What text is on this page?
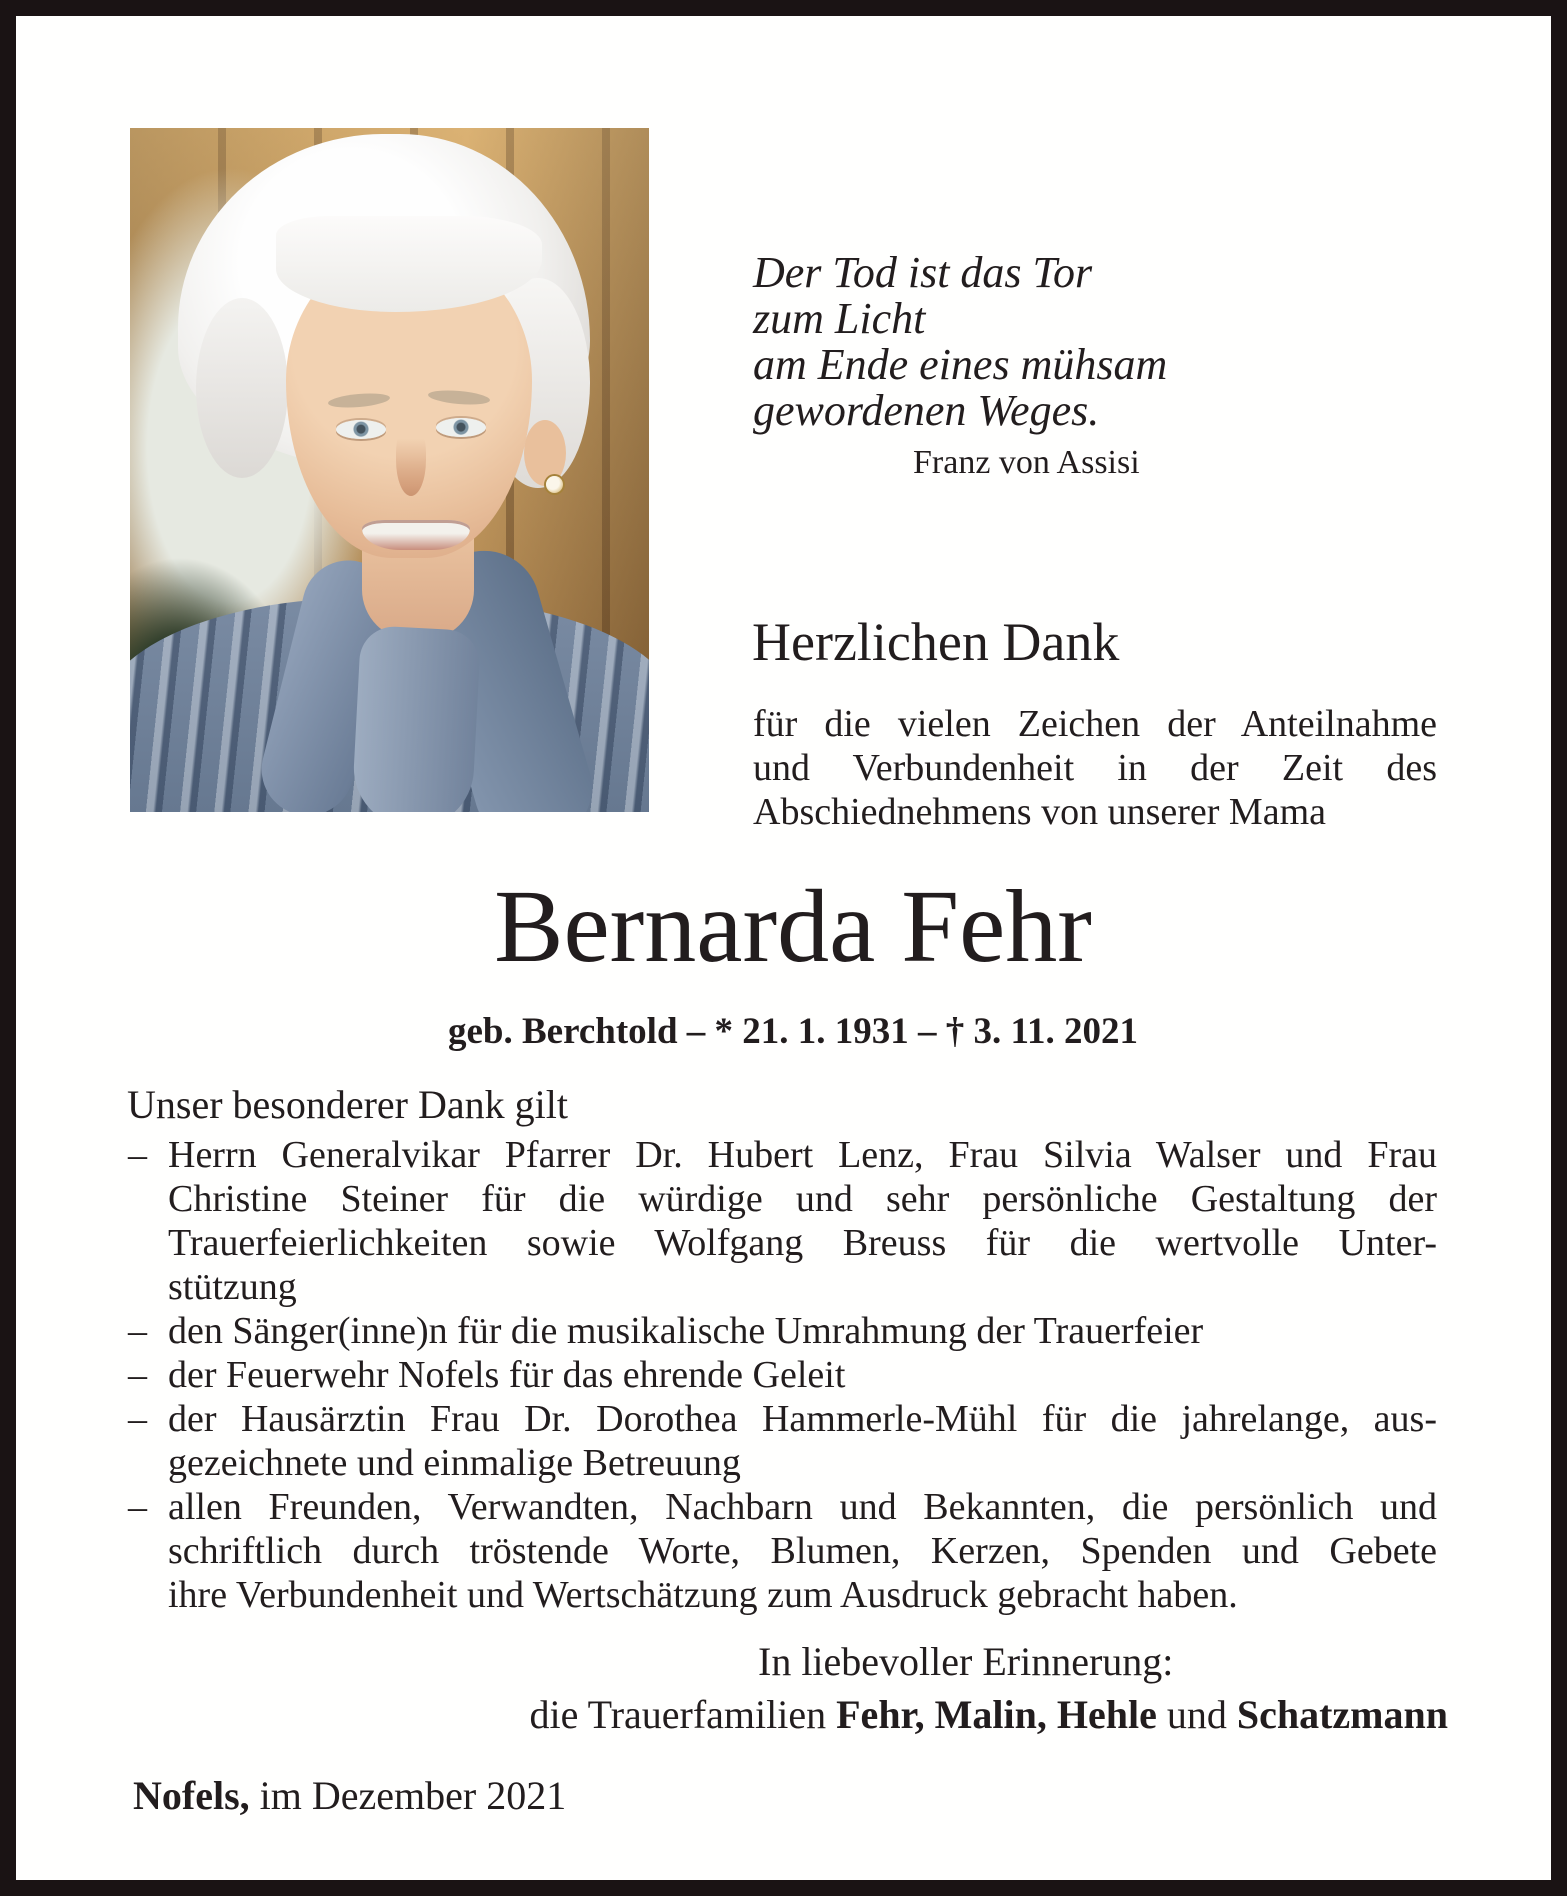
Der Tod ist das Tor
zum Licht
am Ende eines mühsam
gewordenen Weges.
Franz von Assisi
Herzlichen Dank
für die vielen Zeichen der Anteilnahme
und Verbundenheit in der Zeit des
Abschiednehmens von unserer Mama
Bernarda Fehr
geb. Berchtold – * 21. 1. 1931 – † 3. 11. 2021
Unser besonderer Dank gilt
– Herrn Generalvikar Pfarrer Dr. Hubert Lenz, Frau Silvia Walser und Frau
Christine Steiner für die würdige und sehr persönliche Gestaltung der
Trauerfeierlichkeiten sowie Wolfgang Breuss für die wertvolle Unter-
stützung
– den Sänger(inne)n für die musikalische Umrahmung der Trauerfeier
– der Feuerwehr Nofels für das ehrende Geleit
– der Hausärztin Frau Dr. Dorothea Hammerle-Mühl für die jahrelange, aus-
gezeichnete und einmalige Betreuung
– allen Freunden, Verwandten, Nachbarn und Bekannten, die persönlich und
schriftlich durch tröstende Worte, Blumen, Kerzen, Spenden und Gebete
ihre Verbundenheit und Wertschätzung zum Ausdruck gebracht haben.
In liebevoller Erinnerung:
die Trauerfamilien Fehr, Malin, Hehle und Schatzmann
Nofels, im Dezember 2021
